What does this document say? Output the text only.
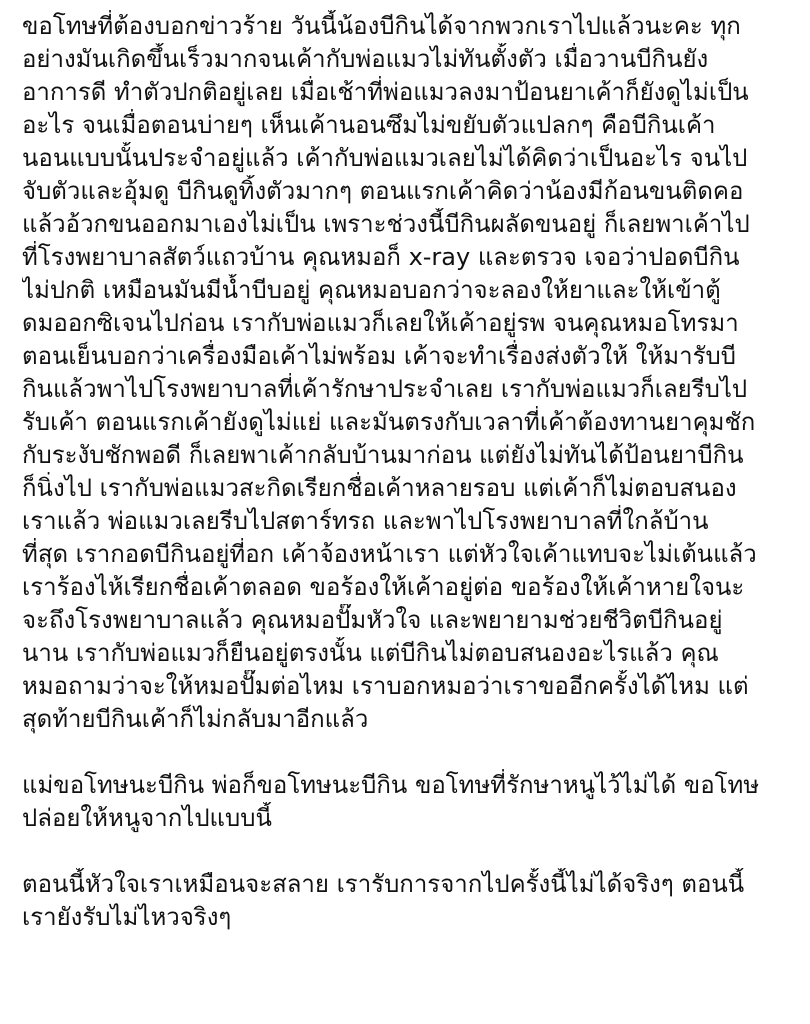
ขอโทษที่ต้องบอกข่าวร้าย วันนี้น้องบีกินได้จากพวกเราไปแล้วนะคะ ทุก
อย่างมันเกิดขึ้นเร็วมากจนเค้ากับพ่อแมวไม่ทันตั้งตัว เมื่อวานบีกินยัง
อาการดี ทำตัวปกติอยู่เลย เมื่อเช้าที่พ่อแมวลงมาป้อนยาเค้าก็ยังดูไม่เป็น
อะไร จนเมื่อตอนบ่ายๆ เห็นเค้านอนซึมไม่ขยับตัวแปลกๆ คือบีกินเค้า
นอนแบบนั้นประจำอยู่แล้ว เค้ากับพ่อแมวเลยไม่ได้คิดว่าเป็นอะไร จนไป
จับตัวและอุ้มดู บีกินดูทิ้งตัวมากๆ ตอนแรกเค้าคิดว่าน้องมีก้อนขนติดคอ
แล้วอ้วกขนออกมาเองไม่เป็น เพราะช่วงนี้บีกินผลัดขนอยู่ ก็เลยพาเค้าไป
ที่โรงพยาบาลสัตว์แถวบ้าน คุณหมอก็ x-ray และตรวจ เจอว่าปอดบีกิน
ไม่ปกติ เหมือนมันมีน้ำบีบอยู่ คุณหมอบอกว่าจะลองให้ยาและให้เข้าตู้
ดมออกซิเจนไปก่อน เรากับพ่อแมวก็เลยให้เค้าอยู่รพ จนคุณหมอโทรมา
ตอนเย็นบอกว่าเครื่องมือเค้าไม่พร้อม เค้าจะทำเรื่องส่งตัวให้ ให้มารับบี
กินแล้วพาไปโรงพยาบาลที่เค้ารักษาประจำเลย เรากับพ่อแมวก็เลยรีบไป
รับเค้า ตอนแรกเค้ายังดูไม่แย่ และมันตรงกับเวลาที่เค้าต้องทานยาคุมชัก
กับระงับชักพอดี ก็เลยพาเค้ากลับบ้านมาก่อน แต่ยังไม่ทันได้ป้อนยาบีกิน
ก็นิ่งไป เรากับพ่อแมวสะกิดเรียกชื่อเค้าหลายรอบ แต่เค้าก็ไม่ตอบสนอง
เราแล้ว พ่อแมวเลยรีบไปสตาร์ทรถ และพาไปโรงพยาบาลที่ใกล้บ้าน
ที่สุด เรากอดบีกินอยู่ที่อก เค้าจ้องหน้าเรา แต่หัวใจเค้าแทบจะไม่เต้นแล้ว
เราร้องไห้เรียกชื่อเค้าตลอด ขอร้องให้เค้าอยู่ต่อ ขอร้องให้เค้าหายใจนะ
จะถึงโรงพยาบาลแล้ว คุณหมอปั๊มหัวใจ และพยายามช่วยชีวิตบีกินอยู่
นาน เรากับพ่อแมวก็ยืนอยู่ตรงนั้น แต่บีกินไม่ตอบสนองอะไรแล้ว คุณ
หมอถามว่าจะให้หมอปั๊มต่อไหม เราบอกหมอว่าเราขออีกครั้งได้ไหม แต่
สุดท้ายบีกินเค้าก็ไม่กลับมาอีกแล้ว

แม่ขอโทษนะบีกิน พ่อก็ขอโทษนะบีกิน ขอโทษที่รักษาหนูไว้ไม่ได้ ขอโทษ
ปล่อยให้หนูจากไปแบบนี้

ตอนนี้หัวใจเราเหมือนจะสลาย เรารับการจากไปครั้งนี้ไม่ได้จริงๆ ตอนนี้
เรายังรับไม่ไหวจริงๆ
